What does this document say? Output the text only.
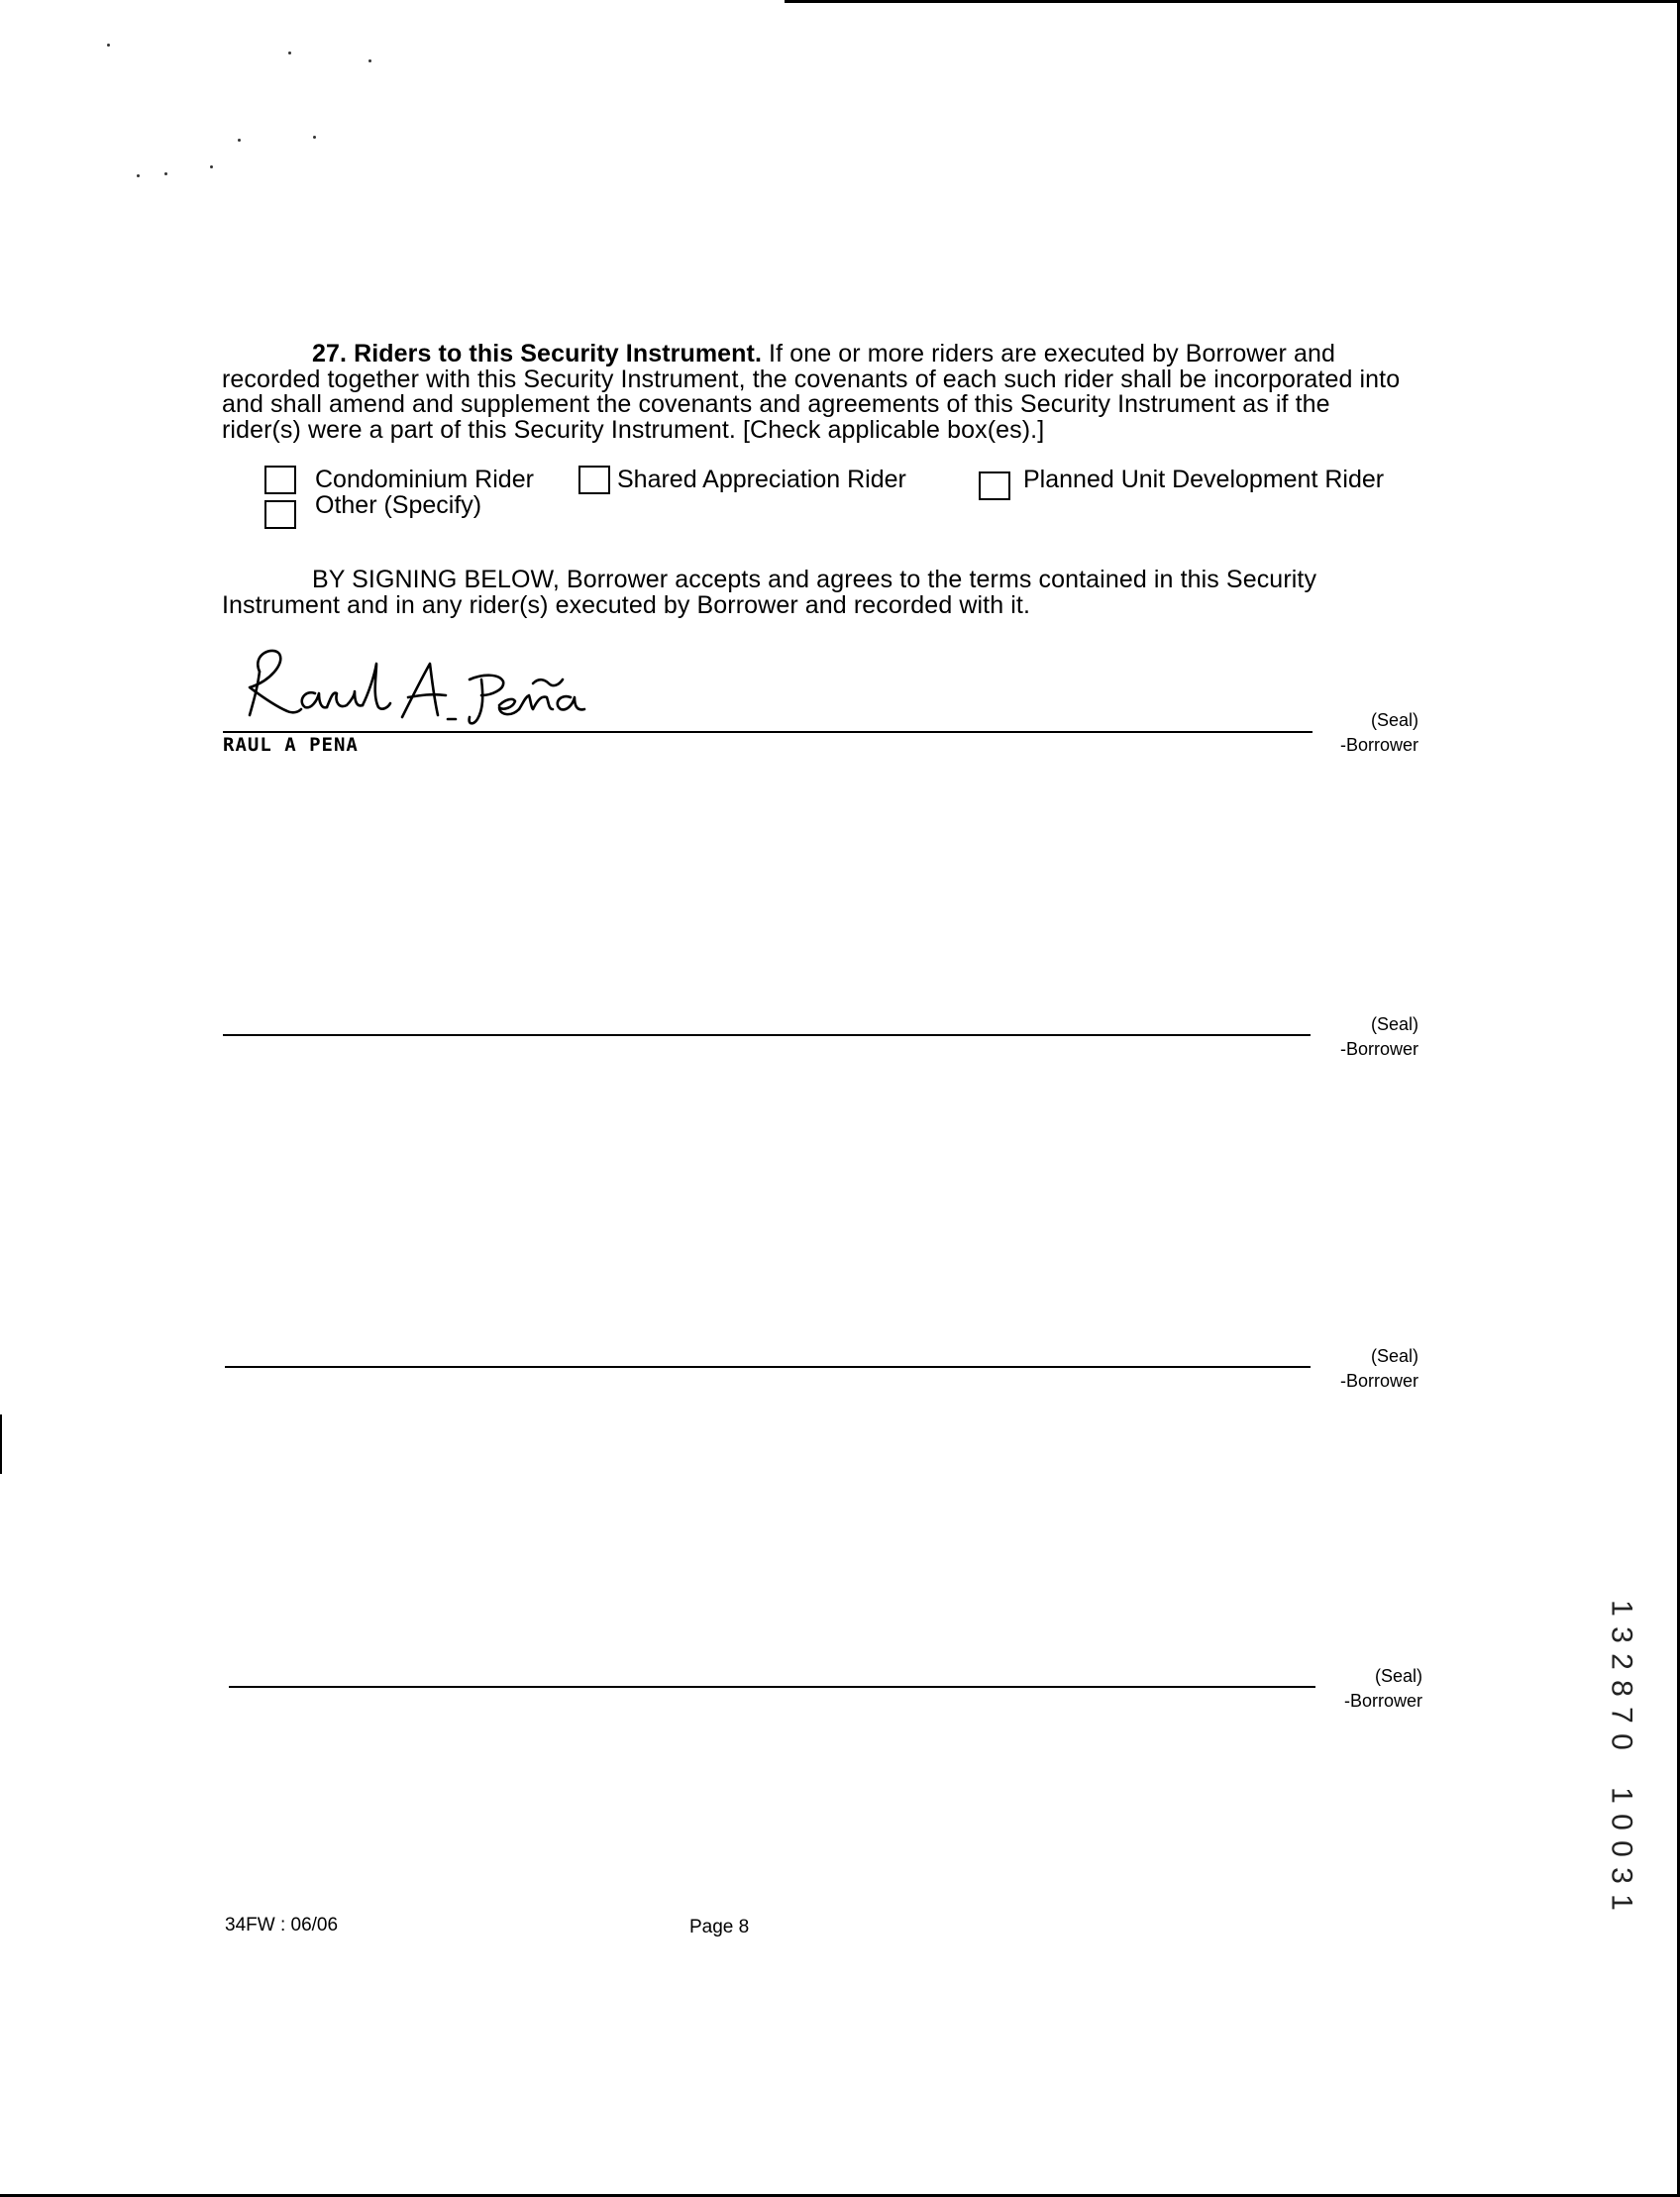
27. Riders to this Security Instrument. If one or more riders are executed by Borrower and recorded together with this Security Instrument, the covenants of each such rider shall be incorporated into and shall amend and supplement the covenants and agreements of this Security Instrument as if the rider(s) were a part of this Security Instrument. [Check applicable box(es).]
Condominium Rider	Shared Appreciation Rider	Planned Unit Development Rider
Other (Specify)
BY SIGNING BELOW, Borrower accepts and agrees to the terms contained in this Security Instrument and in any rider(s) executed by Borrower and recorded with it.
(Seal)
-Borrower
RAUL A PENA
(Seal)
-Borrower
(Seal)
-Borrower
(Seal)
-Borrower
34FW : 06/06	Page 8
1
3
2
8
7
0

1
0
0
3
1
